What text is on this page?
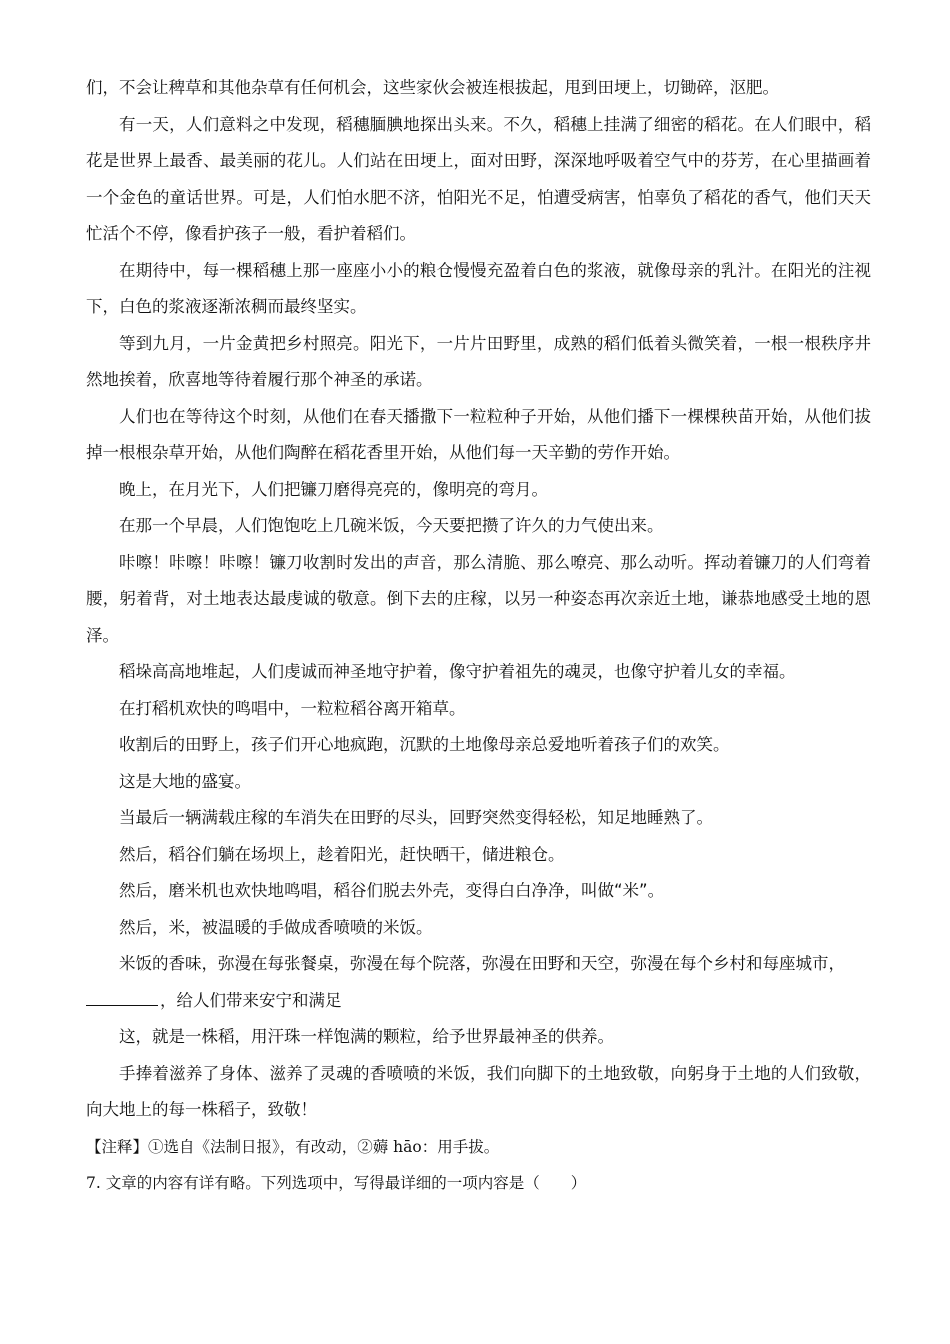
们，不会让稗草和其他杂草有任何机会，这些家伙会被连根拔起，甩到田埂上，切锄碎，沤肥。

有一天，人们意料之中发现，稻穗腼腆地探出头来。不久，稻穗上挂满了细密的稻花。在人们眼中，稻花是世界上最香、最美丽的花儿。人们站在田埂上，面对田野，深深地呼吸着空气中的芬芳，在心里描画着一个金色的童话世界。可是，人们怕水肥不济，怕阳光不足，怕遭受病害，怕辜负了稻花的香气，他们天天忙活个不停，像看护孩子一般，看护着稻们。

在期待中，每一棵稻穗上那一座座小小的粮仓慢慢充盈着白色的浆液，就像母亲的乳汁。在阳光的注视下，白色的浆液逐渐浓稠而最终坚实。

等到九月，一片金黄把乡村照亮。阳光下，一片片田野里，成熟的稻们低着头微笑着，一根一根秩序井然地挨着，欣喜地等待着履行那个神圣的承诺。

人们也在等待这个时刻，从他们在春天播撒下一粒粒种子开始，从他们播下一棵棵秧苗开始，从他们拔掉一根根杂草开始，从他们陶醉在稻花香里开始，从他们每一天辛勤的劳作开始。

晚上，在月光下，人们把镰刀磨得亮亮的，像明亮的弯月。

在那一个早晨，人们饱饱吃上几碗米饭，今天要把攒了许久的力气使出来。

咔嚓！咔嚓！咔嚓！镰刀收割时发出的声音，那么清脆、那么嘹亮、那么动听。挥动着镰刀的人们弯着腰，躬着背，对土地表达最虔诚的敬意。倒下去的庄稼，以另一种姿态再次亲近土地，谦恭地感受土地的恩泽。

稻垛高高地堆起，人们虔诚而神圣地守护着，像守护着祖先的魂灵，也像守护着儿女的幸福。

在打稻机欢快的鸣唱中，一粒粒稻谷离开箱草。

收割后的田野上，孩子们开心地疯跑，沉默的土地像母亲总爱地听着孩子们的欢笑。

这是大地的盛宴。

当最后一辆满载庄稼的车消失在田野的尽头，回野突然变得轻松，知足地睡熟了。

然后，稻谷们躺在场坝上，趁着阳光，赶快晒干，储进粮仓。

然后，磨米机也欢快地鸣唱，稻谷们脱去外壳，变得白白净净，叫做“米”。

然后，米，被温暖的手做成香喷喷的米饭。

米饭的香味，弥漫在每张餐桌，弥漫在每个院落，弥漫在田野和天空，弥漫在每个乡村和每座城市，

，给人们带来安宁和满足

这，就是一株稻，用汗珠一样饱满的颗粒，给予世界最神圣的供养。

手捧着滋养了身体、滋养了灵魂的香喷喷的米饭，我们向脚下的土地致敬，向躬身于土地的人们致敬，向大地上的每一株稻子，致敬！

【注释】①选自《法制日报》，有改动，②薅 hāo：用手拔。

7. 文章的内容有详有略。下列选项中，写得最详细的一项内容是（　　）
